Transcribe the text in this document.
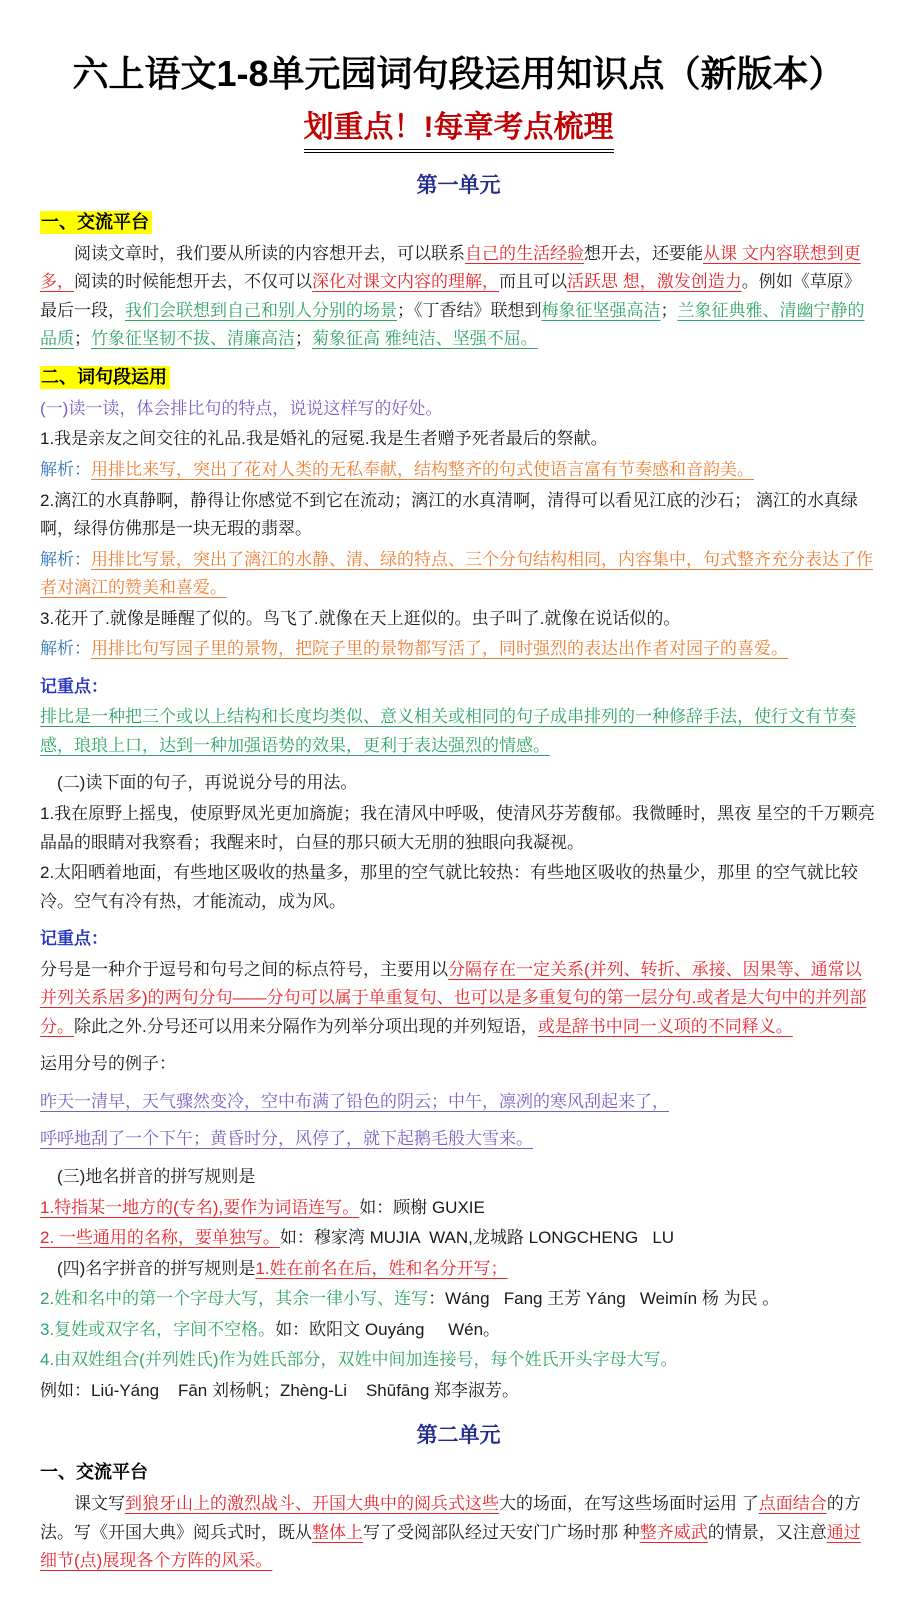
六上语文1-8单元园词句段运用知识点（新版本）
划重点！!每章考点梳理
第一单元
一、交流平台

阅读文章时，我们要从所读的内容想开去，可以联系自己的生活经验想开去，还要能从课 文内容联想到更多，阅读的时候能想开去，不仅可以深化对课文内容的理解，而且可以活跃思 想，激发创造力。例如《草原》最后一段，我们会联想到自己和别人分别的场景；《丁香结》联想到梅象征坚强高洁；兰象征典雅、清幽宁静的品质；竹象征坚韧不拔、清廉高洁；菊象征高 雅纯洁、坚强不屈。

二、词句段运用

(一)读一读，体会排比句的特点，说说这样写的好处。

1.我是亲友之间交往的礼品.我是婚礼的冠冕.我是生者赠予死者最后的祭献。

解析：用排比来写，突出了花对人类的无私奉献，结构整齐的句式使语言富有节奏感和音韵美。

2.漓江的水真静啊，静得让你感觉不到它在流动；漓江的水真清啊，清得可以看见江底的沙石； 漓江的水真绿啊，绿得仿佛那是一块无瑕的翡翠。

解析：用排比写景，突出了漓江的水静、清、绿的特点、三个分句结构相同，内容集中，句式整齐充分表达了作者对漓江的赞美和喜爱。

3.花开了.就像是睡醒了似的。鸟飞了.就像在天上逛似的。虫子叫了.就像在说话似的。

解析：用排比句写园子里的景物，把院子里的景物都写活了，同时强烈的表达出作者对园子的喜爱。

记重点：

排比是一种把三个或以上结构和长度均类似、意义相关或相同的句子成串排列的一种修辞手法，使行文有节奏感，琅琅上口，达到一种加强语势的效果，更利于表达强烈的情感。

(二)读下面的句子，再说说分号的用法。

1.我在原野上摇曳，使原野凤光更加旖旎；我在清风中呼吸，使清风芬芳馥郁。我微睡时，黑夜 星空的千万颗亮晶晶的眼睛对我察看；我醒来时，白昼的那只硕大无朋的独眼向我凝视。

2.太阳晒着地面，有些地区吸收的热量多，那里的空气就比较热：有些地区吸收的热量少，那里 的空气就比较冷。空气有冷有热，才能流动，成为风。

记重点：

分号是一种介于逗号和句号之间的标点符号，主要用以分隔存在一定关系(并列、转折、承接、因果等、通常以并列关系居多)的两句分句——分句可以属于单重复句、也可以是多重复句的第一层分句.或者是大句中的并列部分。除此之外.分号还可以用来分隔作为列举分项出现的并列短语，或是辞书中同一义项的不同释义。

运用分号的例子：

昨天一清早，天气骤然变冷，空中布满了铅色的阴云；中午，凛冽的寒风刮起来了，

呼呼地刮了一个下午；黄昏时分，风停了，就下起鹅毛般大雪来。

(三)地名拼音的拼写规则是

1.特指某一地方的(专名),要作为词语连写。如：顾榭 GUXIE

2. 一些通用的名称，要单独写。如：穆家湾 MUJIA  WAN,龙城路 LONGCHENG   LU

(四)名字拼音的拼写规则是1.姓在前名在后，姓和名分开写；

2.姓和名中的第一个字母大写，其余一律小写、连写：Wáng   Fang 王芳 Yáng   Weimín 杨 为民 。

3.复姓或双字名，字间不空格。如：欧阳文 Ouyáng     Wén。

4.由双姓组合(并列姓氏)作为姓氏部分，双姓中间加连接号，每个姓氏开头字母大写。

例如：Liú-Yáng    Fān 刘杨帆；Zhèng-Li    Shūfāng 郑李淑芳。

第二单元
一、交流平台

课文写到狼牙山上的激烈战斗、开国大典中的阅兵式这些大的场面，在写这些场面时运用 了点面结合的方法。写《开国大典》阅兵式时，既从整体上写了受阅部队经过天安门广场时那 种整齐威武的情景，又注意通过细节(点)展现各个方阵的风采。
